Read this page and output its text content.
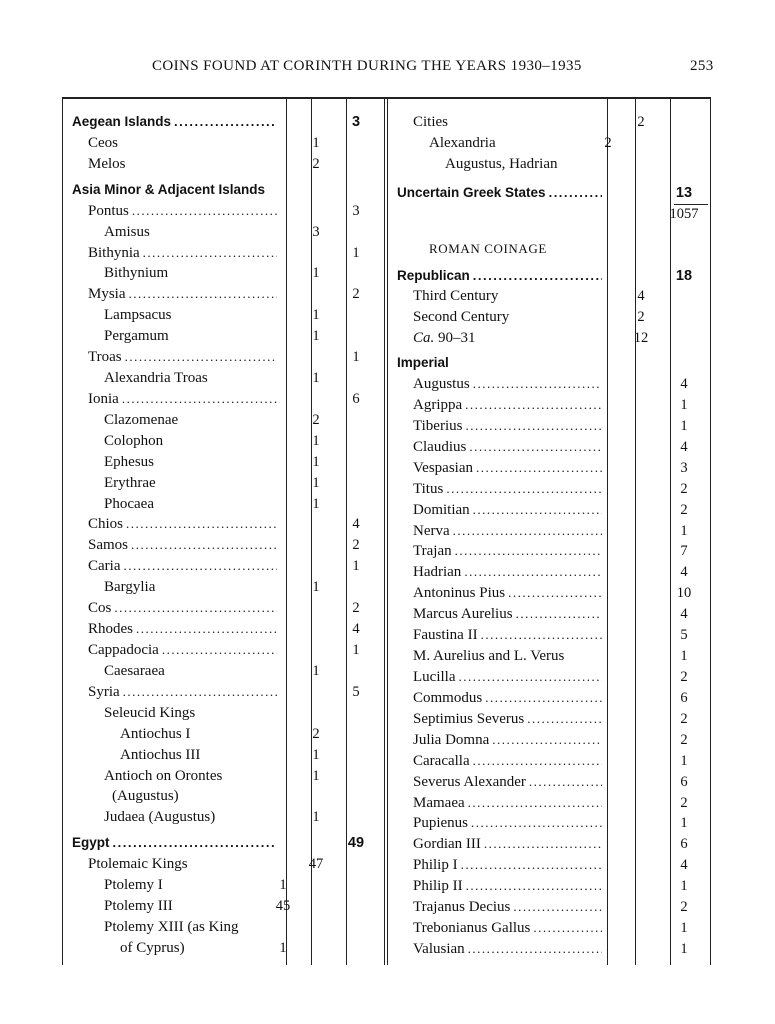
COINS FOUND AT CORINTH DURING THE YEARS 1930–1935	253
Aegean Islands .....	3
Ceos	1
Melos	2
Asia Minor & Adjacent Islands
Pontus .....	3
Amisus	3
Bithynia .....	1
Bithynium	1
Mysia .....	2
Lampsacus	1
Pergamum	1
Troas .....	1
Alexandria Troas	1
Ionia .....	6
Clazomenae	2
Colophon	1
Ephesus	1
Erythrae	1
Phocaea	1
Chios .....	4
Samos .....	2
Caria .....	1
Bargylia	1
Cos .....	2
Rhodes .....	4
Cappadocia .....	1
Caesaraea	1
Syria .....	5
Seleucid Kings
Antiochus I	2
Antiochus III	1
Antioch on Orontes	1
(Augustus)
Judaea (Augustus)	1
Egypt .....	49
Ptolemaic Kings	47
Ptolemy I	1
Ptolemy III	45
Ptolemy XIII (as King
of Cyprus)	1
Cities	2
Alexandria	2
Augustus, Hadrian
Uncertain Greek States .....	13
1057
ROMAN COINAGE
Republican .....	18
Third Century	4
Second Century	2
Ca. 90–31	12
Imperial
Augustus .....	4
Agrippa .....	1
Tiberius .....	1
Claudius .....	4
Vespasian .....	3
Titus .....	2
Domitian .....	2
Nerva .....	1
Trajan .....	7
Hadrian .....	4
Antoninus Pius .....	10
Marcus Aurelius .....	4
Faustina II .....	5
M. Aurelius and L. Verus	1
Lucilla .....	2
Commodus .....	6
Septimius Severus .....	2
Julia Domna .....	2
Caracalla .....	1
Severus Alexander .....	6
Mamaea .....	2
Pupienus .....	1
Gordian III .....	6
Philip I .....	4
Philip II .....	1
Trajanus Decius .....	2
Trebonianus Gallus .....	1
Valusian .....	1
